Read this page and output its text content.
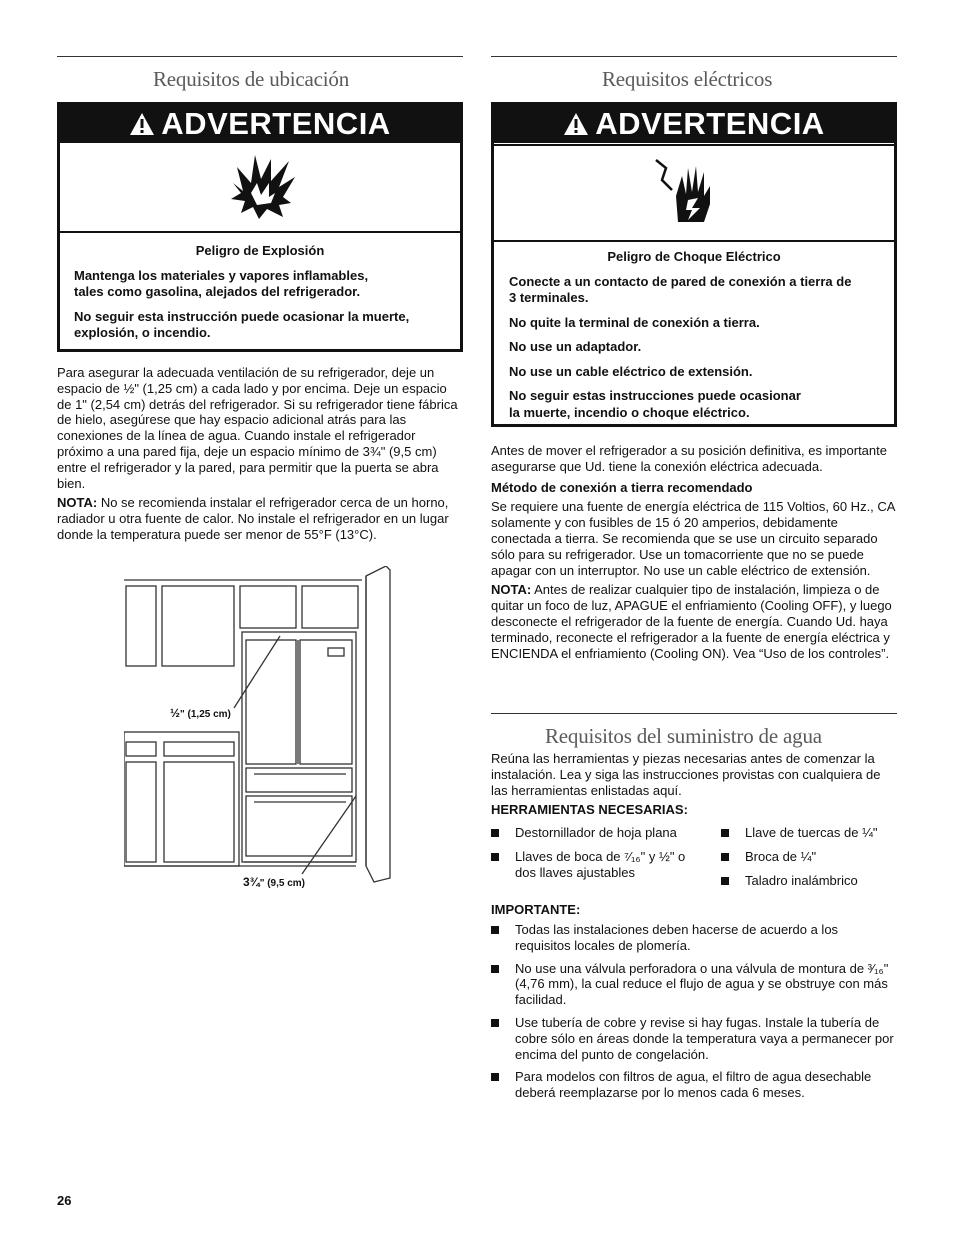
Requisitos de ubicación
ADVERTENCIA

Peligro de Explosión

Mantenga los materiales y vapores inflamables,
tales como gasolina, alejados del refrigerador.

No seguir esta instrucción puede ocasionar la muerte,
explosión, o incendio.

Para asegurar la adecuada ventilación de su refrigerador, deje un espacio de ½" (1,25 cm) a cada lado y por encima. Deje un espacio de 1" (2,54 cm) detrás del refrigerador. Si su refrigerador tiene fábrica de hielo, asegúrese que hay espacio adicional atrás para las conexiones de la línea de agua. Cuando instale el refrigerador próximo a una pared fija, deje un espacio mínimo de 3¾" (9,5 cm) entre el refrigerador y la pared, para permitir que la puerta se abra bien.

NOTA: No se recomienda instalar el refrigerador cerca de un horno, radiador u otra fuente de calor. No instale el refrigerador en un lugar donde la temperatura puede ser menor de 55°F (13°C).

½" (1,25 cm)
3¾" (9,5 cm)
Requisitos eléctricos
ADVERTENCIA

Peligro de Choque Eléctrico

Conecte a un contacto de pared de conexión a tierra de
3 terminales.

No quite la terminal de conexión a tierra.

No use un adaptador.

No use un cable eléctrico de extensión.

No seguir estas instrucciones puede ocasionar
la muerte, incendio o choque eléctrico.

Antes de mover el refrigerador a su posición definitiva, es importante asegurarse que Ud. tiene la conexión eléctrica adecuada.

Método de conexión a tierra recomendado

Se requiere una fuente de energía eléctrica de 115 Voltios, 60 Hz., CA solamente y con fusibles de 15 ó 20 amperios, debidamente conectada a tierra. Se recomienda que se use un circuito separado sólo para su refrigerador. Use un tomacorriente que no se puede apagar con un interruptor. No use un cable eléctrico de extensión.

NOTA: Antes de realizar cualquier tipo de instalación, limpieza o de quitar un foco de luz, APAGUE el enfriamiento (Cooling OFF), y luego desconecte el refrigerador de la fuente de energía. Cuando Ud. haya terminado, reconecte el refrigerador a la fuente de energía eléctrica y ENCIENDA el enfriamiento (Cooling ON). Vea “Uso de los controles”.

Requisitos del suministro de agua

Reúna las herramientas y piezas necesarias antes de comenzar la instalación. Lea y siga las instrucciones provistas con cualquiera de las herramientas enlistadas aquí.

HERRAMIENTAS NECESARIAS:

Destornillador de hoja plana
Llaves de boca de ⁷⁄₁₆" y ½" o dos llaves ajustables
Llave de tuercas de ¼"
Broca de ¼"
Taladro inalámbrico
IMPORTANTE:
Todas las instalaciones deben hacerse de acuerdo a los requisitos locales de plomería.
No use una válvula perforadora o una válvula de montura de ³⁄₁₆" (4,76 mm), la cual reduce el flujo de agua y se obstruye con más facilidad.
Use tubería de cobre y revise si hay fugas. Instale la tubería de cobre sólo en áreas donde la temperatura vaya a permanecer por encima del punto de congelación.
Para modelos con filtros de agua, el filtro de agua desechable deberá reemplazarse por lo menos cada 6 meses.
26
